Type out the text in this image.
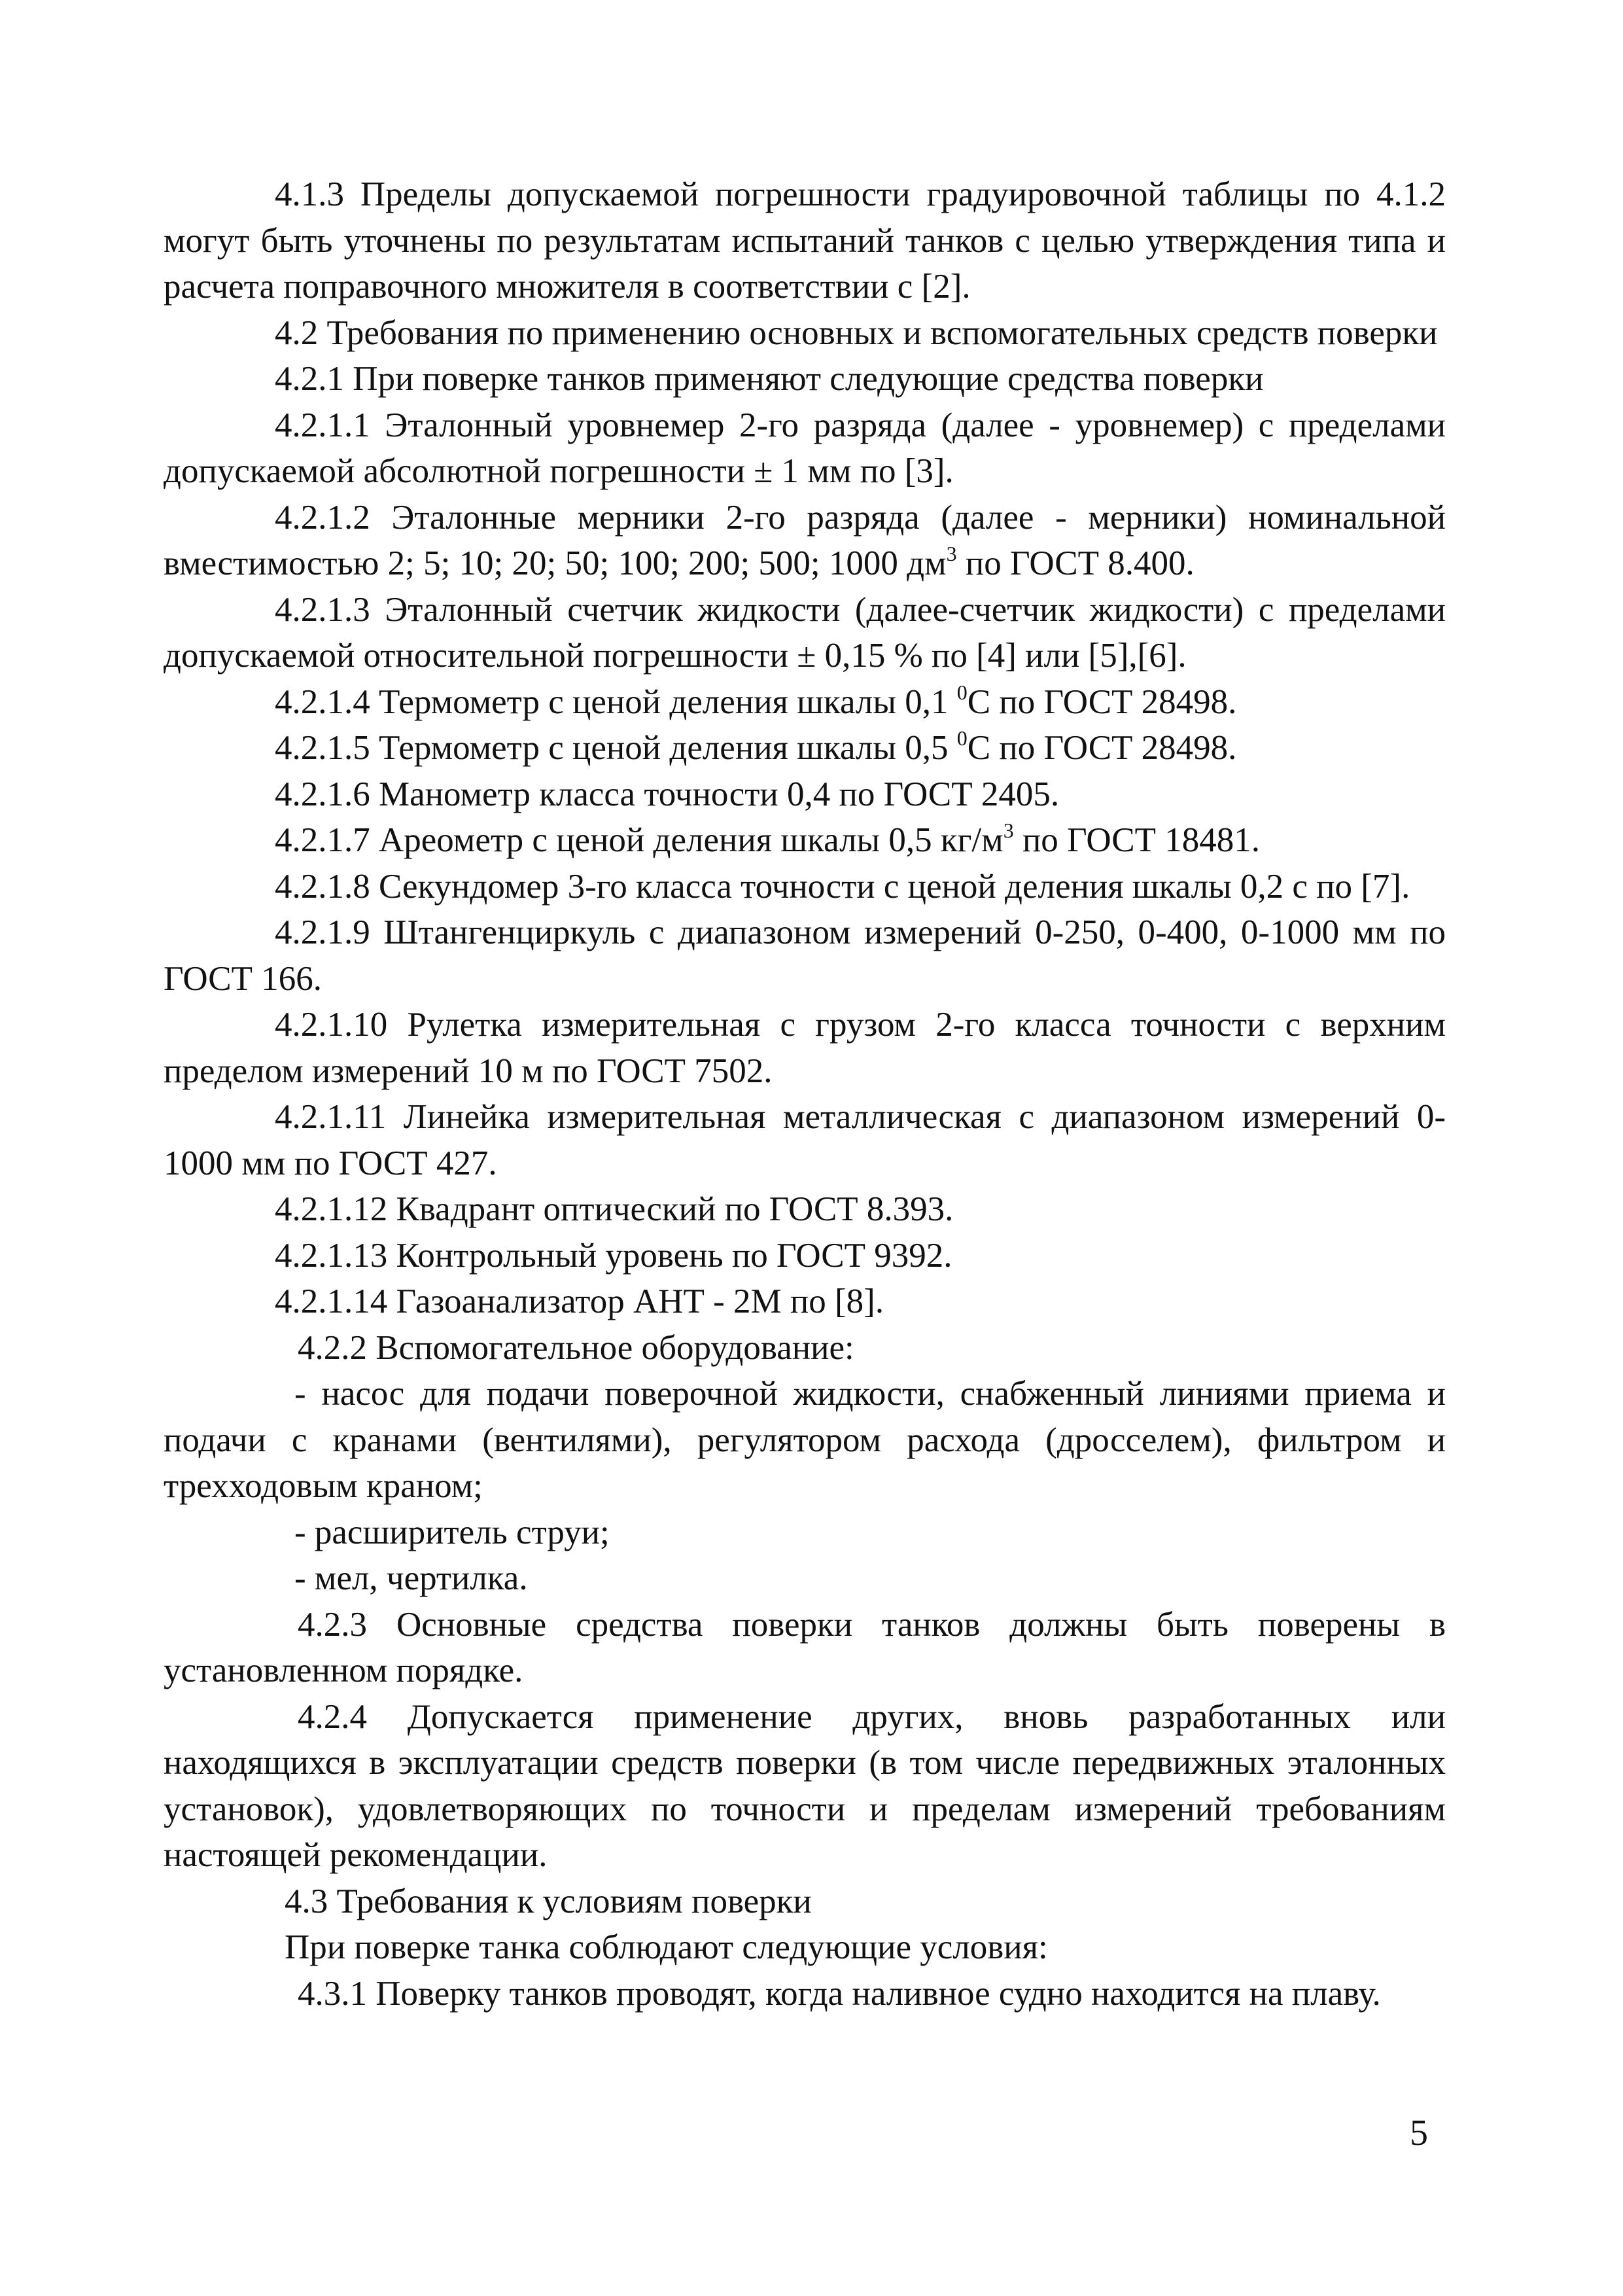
4.1.3 Пределы допускаемой погрешности градуировочной таблицы по 4.1.2 могут быть уточнены по результатам испытаний танков с целью утверждения типа и расчета поправочного множителя в соответствии с [2].

4.2 Требования по применению основных и вспомогательных средств поверки

4.2.1 При поверке танков применяют следующие средства поверки

4.2.1.1 Эталонный уровнемер 2-го разряда (далее - уровнемер) с пределами допускаемой абсолютной погрешности ± 1 мм по [3].

4.2.1.2 Эталонные мерники 2-го разряда (далее - мерники) номинальной вместимостью 2; 5; 10; 20; 50; 100; 200; 500; 1000 $дм^3$ по ГОСТ 8.400.

4.2.1.3 Эталонный счетчик жидкости (далее-счетчик жидкости) с пределами допускаемой относительной погрешности ± 0,15 % по [4] или [5],[6].

4.2.1.4 Термометр с ценой деления шкалы 0,1 $^0$С по ГОСТ 28498.

4.2.1.5 Термометр с ценой деления шкалы 0,5 $^0$С по ГОСТ 28498.

4.2.1.6 Манометр класса точности 0,4 по ГОСТ 2405.

4.2.1.7 Ареометр с ценой деления шкалы 0,5 $кг/м^3$ по ГОСТ 18481.

4.2.1.8 Секундомер 3-го класса точности с ценой деления шкалы 0,2 с по [7].

4.2.1.9 Штангенциркуль с диапазоном измерений 0-250, 0-400, 0-1000 мм по ГОСТ 166.

4.2.1.10 Рулетка измерительная с грузом 2-го класса точности с верхним пределом измерений 10 м по ГОСТ 7502.

4.2.1.11 Линейка измерительная металлическая с диапазоном измерений 0-1000 мм по ГОСТ 427.

4.2.1.12 Квадрант оптический по ГОСТ 8.393.

4.2.1.13 Контрольный уровень по ГОСТ 9392.

4.2.1.14 Газоанализатор АНТ - 2М по [8].

4.2.2 Вспомогательное оборудование:

- насос для подачи поверочной жидкости, снабженный линиями приема и подачи с кранами (вентилями), регулятором расхода (дросселем), фильтром и трехходовым краном;

- расширитель струи;

- мел, чертилка.

4.2.3 Основные средства поверки танков должны быть поверены в установленном порядке.

4.2.4 Допускается применение других, вновь разработанных или находящихся в эксплуатации средств поверки (в том числе передвижных эталонных установок), удовлетворяющих по точности и пределам измерений требованиям настоящей рекомендации.

4.3 Требования к условиям поверки

При поверке танка соблюдают следующие условия:

4.3.1 Поверку танков проводят, когда наливное судно находится на плаву.

5
